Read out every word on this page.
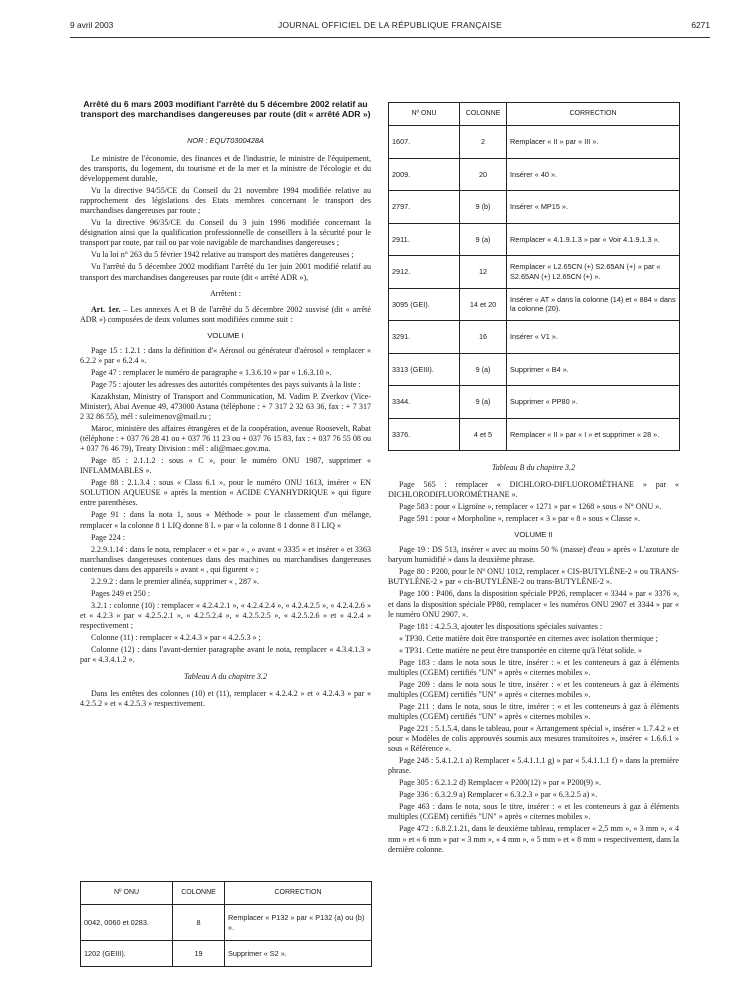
9 avril 2003	JOURNAL OFFICIEL DE LA RÉPUBLIQUE FRANÇAISE	6271
Arrêté du 6 mars 2003 modifiant l'arrêté du 5 décembre 2002 relatif au transport des marchandises dangereuses par route (dit « arrêté ADR »)
NOR : EQUT0300428A

Le ministre de l'économie, des finances et de l'industrie, le ministre de l'équipement, des transports, du logement, du tourisme et de la mer et la ministre de l'écologie et du développement durable,

Vu la directive 94/55/CE du Conseil du 21 novembre 1994 modifiée relative au rapprochement des législations des Etats membres concernant le transport des marchandises dangereuses par route ;

Vu la directive 96/35/CE du Conseil du 3 juin 1996 modifiée concernant la désignation ainsi que la qualification professionnelle de conseillers à la sécurité pour le transport par route, par rail ou par voie navigable de marchandises dangereuses ;

Vu la loi n° 263 du 5 février 1942 relative au transport des matières dangereuses ;

Vu l'arrêté du 5 décembre 2002 modifiant l'arrêté du 1er juin 2001 modifié relatif au transport des marchandises dangereuses par route (dit « arrêté ADR »),

Arrêtent :

Art. 1er. – Les annexes A et B de l'arrêté du 5 décembre 2002 susvisé (dit « arrêté ADR ») composées de deux volumes sont modifiées comme suit :

VOLUME I

Page 15 : 1.2.1 : dans la définition d'« Aérosol ou générateur d'aérosol » remplacer « 6.2.2 » par « 6.2.4 ».

Page 47 : remplacer le numéro de paragraphe « 1.3.6.10 » par « 1.6.3.10 ».

Page 75 : ajouter les adresses des autorités compétentes des pays suivants à la liste :

Kazakhstan, Ministry of Transport and Communication, M. Vadim P. Zverkov (Vice-Minister), Abai Avenue 49, 473000 Astana (téléphone : + 7 317 2 32 63 36, fax : + 7 317 2 32 86 55), mél : suleimenov@mail.ru ;

Maroc, ministère des affaires étrangères et de la coopération, avenue Roosevelt, Rabat (téléphone : + 037 76 28 41 ou + 037 76 11 23 ou + 037 76 15 83, fax : + 037 76 55 08 ou + 037 76 46 79), Treaty Division : mél : ali@maec.gov.ma.

Page 85 : 2.1.1.2 : sous « C », pour le numéro ONU 1987, supprimer « INFLAMMABLES ».

Page 88 : 2.1.3.4 : sous « Class 6.1 », pour le numéro ONU 1613, insérer « EN SOLUTION AQUEUSE » après la mention « ACIDE CYANHYDRIQUE » qui figure entre parenthèses.

Page 91 : dans la nota 1, sous « Méthode » pour le classement d'un mélange, remplacer « la colonne 8 1 LIQ donne 8 I. » par « la colonne 8 1 donne 8 I LIQ »

Page 224 :

2.2.9.1.14 : dans le nota, remplacer « et » par « , » avant « 3335 » et insérer « et 3363 marchandises dangereuses contenues dans des machines ou marchandises dangereuses contenues dans des appareils » avant « , qui figurent » ;

2.2.9.2 : dans le premier alinéa, supprimer « , 287 ».

Pages 249 et 250 :

3.2.1 : colonne (10) : remplacer « 4.2.4.2.1 », « 4.2.4.2.4 », « 4.2.4.2.5 », « 4.2.4.2.6 » et « 4.2.3 » par « 4.2.5.2.1 », « 4.2.5.2.4 », « 4.2.5.2.5 », « 4.2.5.2.6 » et « 4.2.4 » respectivement ;

Colonne (11) : remplacer « 4.2.4.3 » par « 4.2.5.3 » ;

Colonne (12) : dans l'avant-dernier paragraphe avant le nota, remplacer « 4.3.4.1.3 » par « 4.3.4.1.2 ».

Tableau A du chapitre 3.2

Dans les entêtes des colonnes (10) et (11), remplacer « 4.2.4.2 » et « 4.2.4.3 » par « 4.2.5.2 » et « 4.2.5.3 » respectivement.

Nº ONU	COLONNE	CORRECTION
0042, 0060 et 0283.	8	Remplacer « P132 » par « P132 (a) ou (b) ».
1202 (GEIII).	19	Supprimer « S2 ».
Nº ONU	COLONNE	CORRECTION
1607.	2	Remplacer « II » par « III ».
2009.	20	Insérer « 40 ».
2797.	9 (b)	Insérer « MP15 ».
2911.	9 (a)	Remplacer « 4.1.9.1.3 » par « Voir 4.1.9.1.3 ».
2912.	12	Remplacer « L2.65CN (+) S2.65AN (+) » par « S2.65AN (+) L2.65CN (+) ».
3095 (GEI).	14 et 20	Insérer « AT » dans la colonne (14) et « 884 » dans la colonne (20).
3291.	16	Insérer « V1 ».
3313 (GEIII).	9 (a)	Supprimer « B4 ».
3344.	9 (a)	Supprimer « PP80 ».
3376.	4 et 5	Remplacer « II » par « I » et supprimer « 28 ».

Tableau B du chapitre 3.2

Page 565 : remplacer « DICHLORO-DIFLUOROMÉTHANE » par « DICHLORODIFLUOROMÉTHANE ».

Page 583 : pour « Ligroïne », remplacer « 1271 » par « 1268 » sous « N° ONU ».

Page 591 : pour « Morpholine », remplacer « 3 » par « 8 » sous « Classe ».

VOLUME II

Page 19 : DS 513, insérer « avec au moins 50 % (masse) d'eau » après « L'azoture de baryum humidifié » dans la deuxième phrase.

Page 80 : P200, pour le Nº ONU 1012, remplacer « CIS-BUTYLÈNE-2 » ou TRANS-BUTYLÈNE-2 » par « cis-BUTYLÈNE-2 ou trans-BUTYLÈNE-2 ».

Page 100 : P406, dans la disposition spéciale PP26, remplacer « 3344 » par « 3376 », et dans la disposition spéciale PP80, remplacer « les numéros ONU 2907 et 3344 » par « le numéro ONU 2907. ».

Page 181 : 4.2.5.3, ajouter les dispositions spéciales suivantes :

« TP30. Cette matière doit être transportée en citernes avec isolation thermique ;

« TP31. Cette matière ne peut être transportée en citerne qu'à l'état solide. »

Page 183 : dans le nota sous le titre, insérer : « et les conteneurs à gaz à éléments multiples (CGEM) certifiés "UN" » après « citernes mobiles ».

Page 209 : dans le nota sous le titre, insérer : « et les conteneurs à gaz à éléments multiples (CGEM) certifiés "UN" » après « citernes mobiles ».

Page 211 : dans le nota, sous le titre, insérer : « et les conteneurs à gaz à éléments multiples (CGEM) certifiés "UN" » après « citernes mobiles ».

Page 221 : 5.1.5.4, dans le tableau, pour « Arrangement spécial », insérer « 1.7.4.2 » et pour « Modèles de colis approuvés soumis aux mesures transitoires », insérer « 1.6.6.1 » sous « Référence ».

Page 248 : 5.4.1.2.1 a) Remplacer « 5.4.1.1.1 g) » par « 5.4.1.1.1 f) » dans la première phrase.

Page 305 : 6.2.1.2 d) Remplacer « P200(12) » par « P200(9) ».

Page 336 : 6.3.2.9 a) Remplacer « 6.3.2.3 » par « 6.3.2.5 a) ».

Page 463 : dans le nota, sous le titre, insérer : « et les conteneurs à gaz à éléments multiples (CGEM) certifiés "UN" » après « citernes mobiles ».

Page 472 : 6.8.2.1.21, dans le deuxième tableau, remplacer « 2,5 mm », « 3 mm », « 4 mm » et « 6 mm » par « 3 mm », « 4 mm », « 5 mm » et « 8 mm » respectivement, dans la dernière colonne.
